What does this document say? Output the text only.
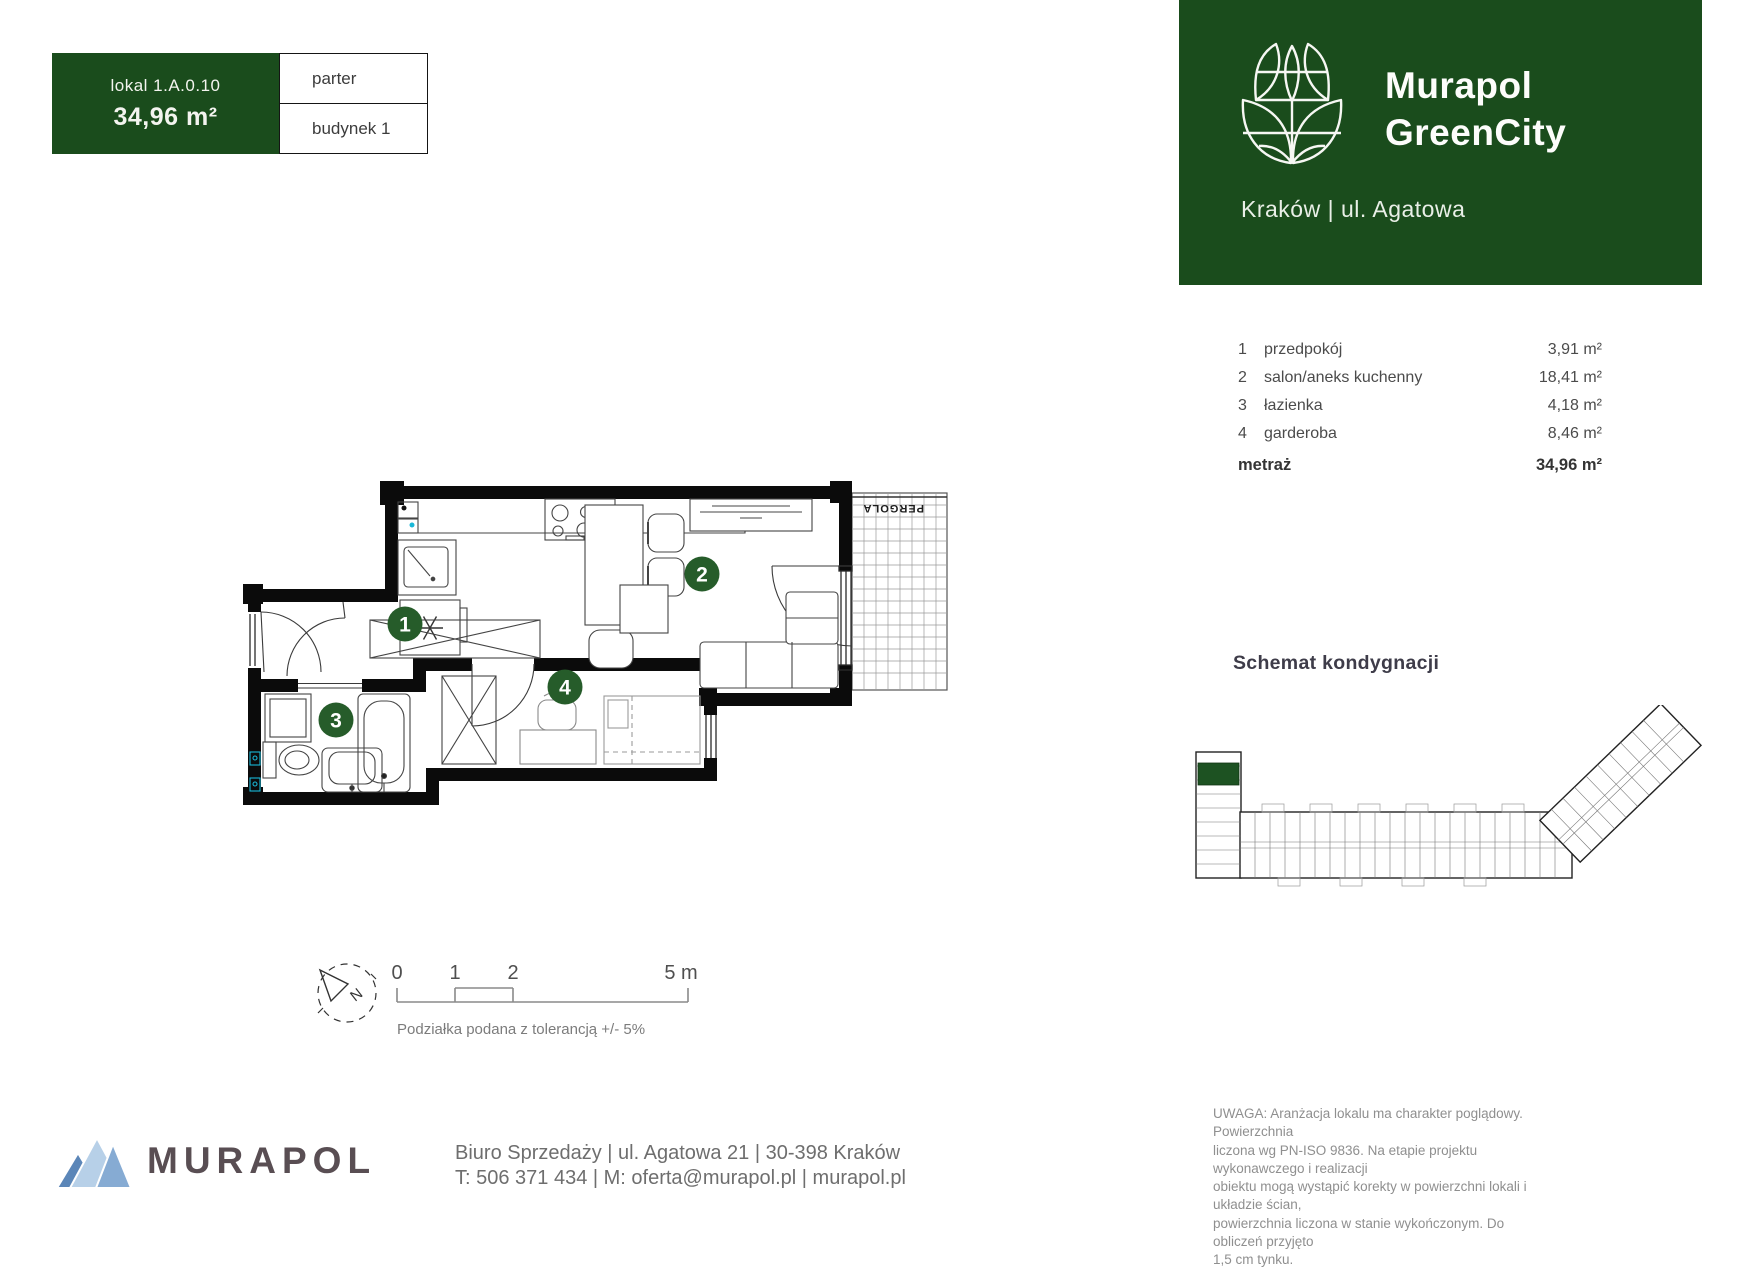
lokal 1.A.0.10
34,96 m²
parter
budynek 1
Murapol
GreenCity
Kraków | ul. Agatowa
1	przedpokój	3,91 m²
2	salon/aneks kuchenny	18,41 m²
3	łazienka	4,18 m²
4	garderoba	8,46 m²
metraż	34,96 m²
PERGOLA
1
2
3
4
N
0 1 2	5 m
Podziałka podana z tolerancją +/- 5%
Schemat kondygnacji
MURAPOL	Biuro Sprzedaży | ul. Agatowa 21 | 30-398 Kraków
T: 506 371 434 | M: oferta@murapol.pl | murapol.pl
UWAGA: Aranżacja lokalu ma charakter poglądowy. Powierzchnia
liczona wg PN-ISO 9836. Na etapie projektu wykonawczego i realizacji
obiektu mogą wystąpić korekty w powierzchni lokali i układzie ścian,
powierzchnia liczona w stanie wykończonym. Do obliczeń przyjęto
1,5 cm tynku.
